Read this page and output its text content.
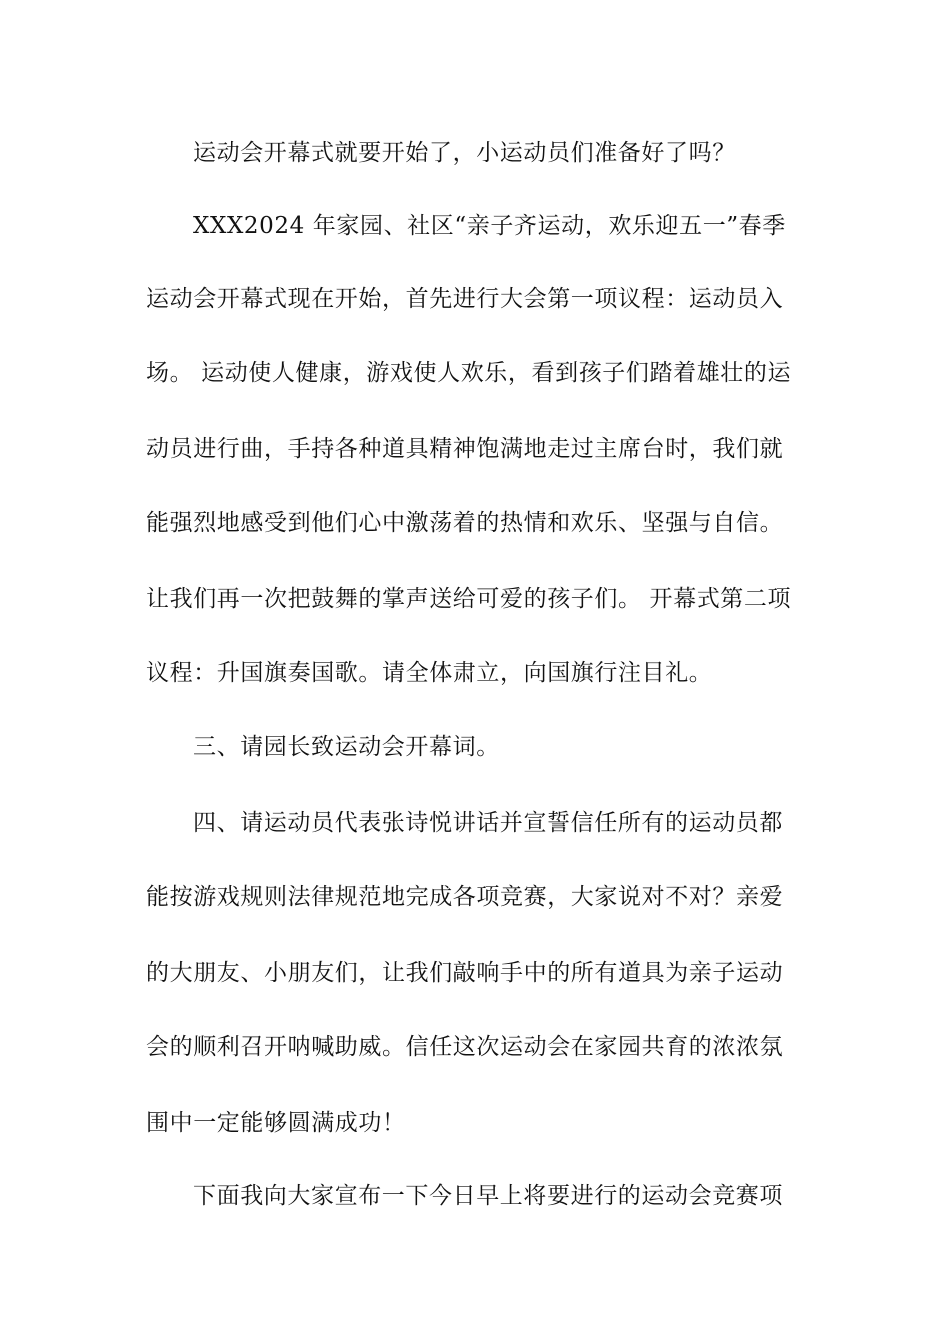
运动会开幕式就要开始了，小运动员们准备好了吗？
XXX2024 年家园、社区“亲子齐运动，欢乐迎五一”春季
运动会开幕式现在开始，首先进行大会第一项议程：运动员入
场。 运动使人健康，游戏使人欢乐，看到孩子们踏着雄壮的运
动员进行曲，手持各种道具精神饱满地走过主席台时，我们就
能强烈地感受到他们心中激荡着的热情和欢乐、坚强与自信。
让我们再一次把鼓舞的掌声送给可爱的孩子们。 开幕式第二项
议程：升国旗奏国歌。请全体肃立，向国旗行注目礼。
三、请园长致运动会开幕词。
四、请运动员代表张诗悦讲话并宣誓信任所有的运动员都
能按游戏规则法律规范地完成各项竞赛，大家说对不对？亲爱
的大朋友、小朋友们，让我们敲响手中的所有道具为亲子运动
会的顺利召开呐喊助威。信任这次运动会在家园共育的浓浓氛
围中一定能够圆满成功！
下面我向大家宣布一下今日早上将要进行的运动会竞赛项
